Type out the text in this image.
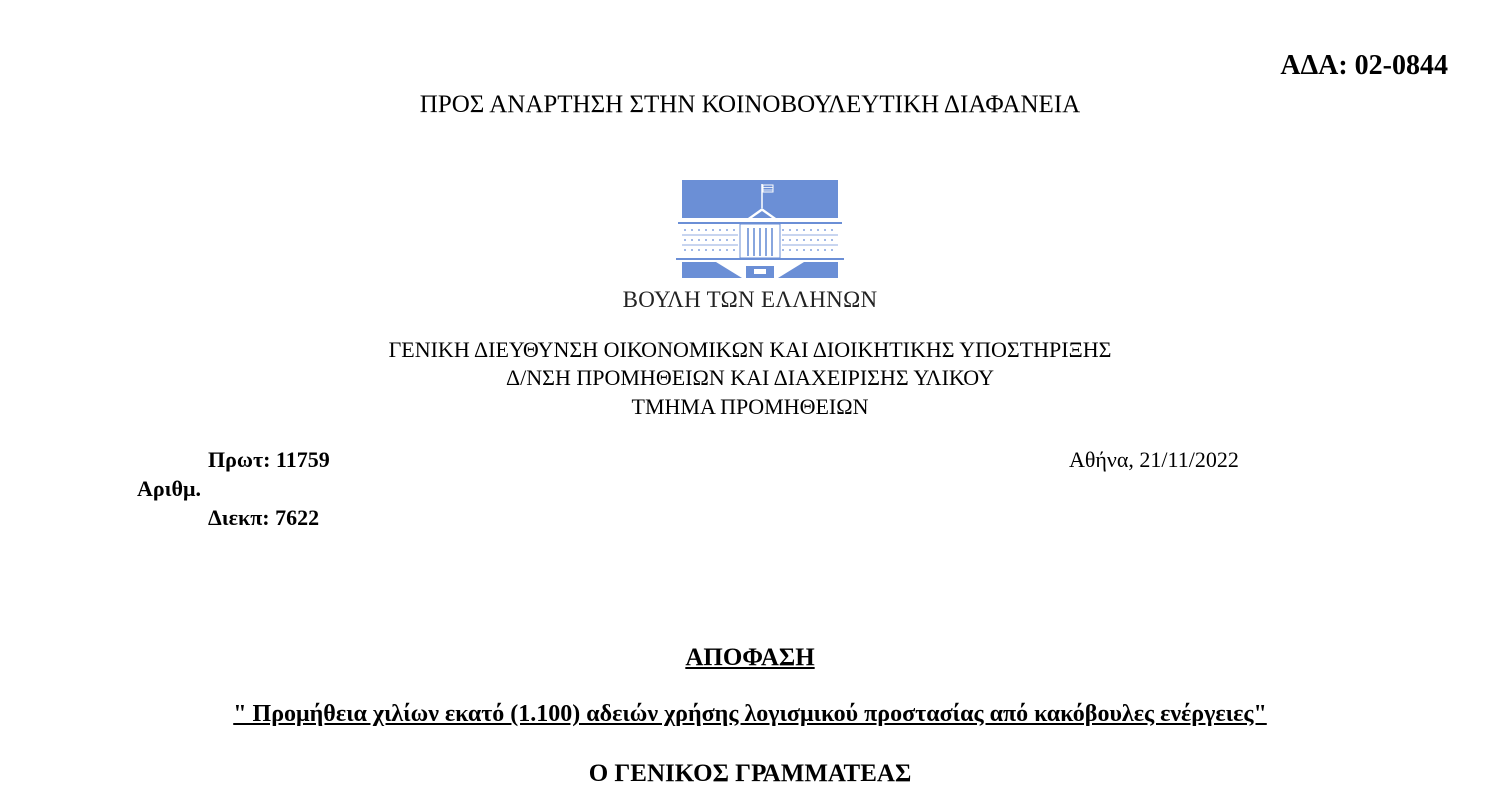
ΑΔΑ: 02-0844

ΠΡΟΣ ΑΝΑΡΤΗΣΗ ΣΤΗΝ ΚΟΙΝΟΒΟΥΛΕΥΤΙΚΗ ΔΙΑΦΑΝΕΙΑ

ΒΟΥΛΗ ΤΩΝ ΕΛΛΗΝΩΝ

ΓΕΝΙΚΗ ΔΙΕΥΘΥΝΣΗ ΟΙΚΟΝΟΜΙΚΩΝ ΚΑΙ ΔΙΟΙΚΗΤΙΚΗΣ ΥΠΟΣΤΗΡΙΞΗΣ

Δ/ΝΣΗ ΠΡΟΜΗΘΕΙΩΝ ΚΑΙ ΔΙΑΧΕΙΡΙΣΗΣ ΥΛΙΚΟΥ

ΤΜΗΜΑ ΠΡΟΜΗΘΕΙΩΝ

Πρωτ: 11759

Αριθμ.

Διεκπ: 7622

Αθήνα, 21/11/2022

ΑΠΟΦΑΣΗ

" Προμήθεια χιλίων εκατό (1.100) αδειών χρήσης λογισμικού προστασίας από κακόβουλες ενέργειες"

Ο ΓΕΝΙΚΟΣ ΓΡΑΜΜΑΤΕΑΣ
